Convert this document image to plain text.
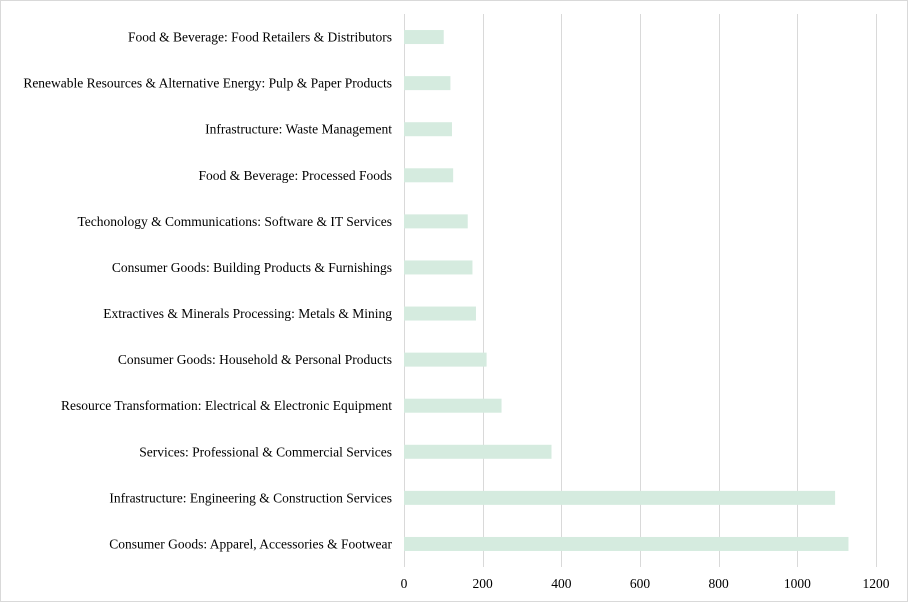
Food & Beverage: Food Retailers & Distributors
Renewable Resources & Alternative Energy: Pulp & Paper Products
Infrastructure: Waste Management
Food & Beverage: Processed Foods
Techonology & Communications: Software & IT Services
Consumer Goods: Building Products & Furnishings
Extractives & Minerals Processing: Metals & Mining
Consumer Goods: Household & Personal Products
Resource Transformation: Electrical & Electronic Equipment
Services: Professional & Commercial Services
Infrastructure: Engineering & Construction Services
Consumer Goods: Apparel, Accessories & Footwear
0	200	400	600	800	1000	1200
